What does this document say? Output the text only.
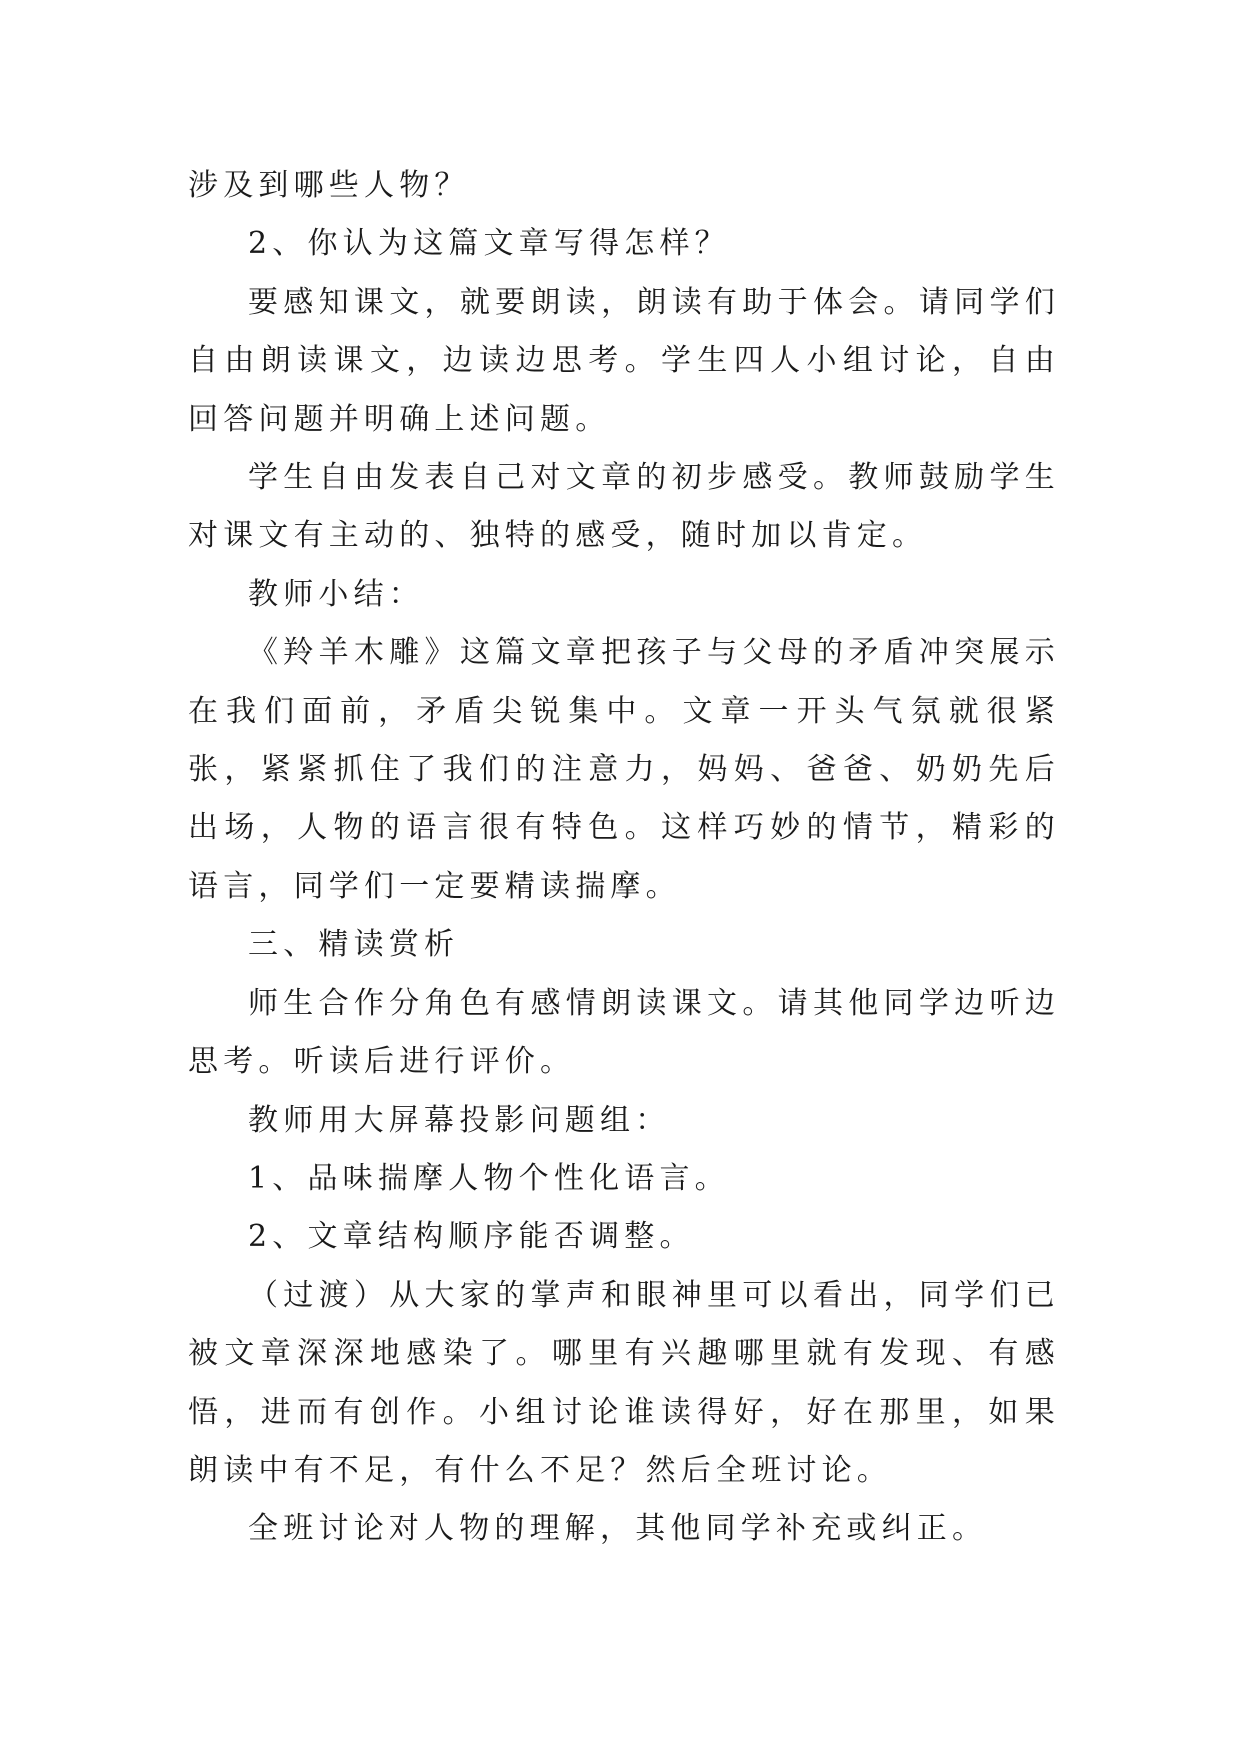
涉及到哪些人物？

2、你认为这篇文章写得怎样？

要感知课文，就要朗读，朗读有助于体会。请同学们自由朗读课文，边读边思考。学生四人小组讨论，自由回答问题并明确上述问题。

学生自由发表自己对文章的初步感受。教师鼓励学生对课文有主动的、独特的感受，随时加以肯定。

教师小结：

《羚羊木雕》这篇文章把孩子与父母的矛盾冲突展示在我们面前，矛盾尖锐集中。文章一开头气氛就很紧张，紧紧抓住了我们的注意力，妈妈、爸爸、奶奶先后出场，人物的语言很有特色。这样巧妙的情节，精彩的语言，同学们一定要精读揣摩。

三、精读赏析

师生合作分角色有感情朗读课文。请其他同学边听边思考。听读后进行评价。

教师用大屏幕投影问题组：

1、品味揣摩人物个性化语言。

2、文章结构顺序能否调整。

（过渡）从大家的掌声和眼神里可以看出，同学们已被文章深深地感染了。哪里有兴趣哪里就有发现、有感悟，进而有创作。小组讨论谁读得好，好在那里，如果朗读中有不足，有什么不足？然后全班讨论。

全班讨论对人物的理解，其他同学补充或纠正。
